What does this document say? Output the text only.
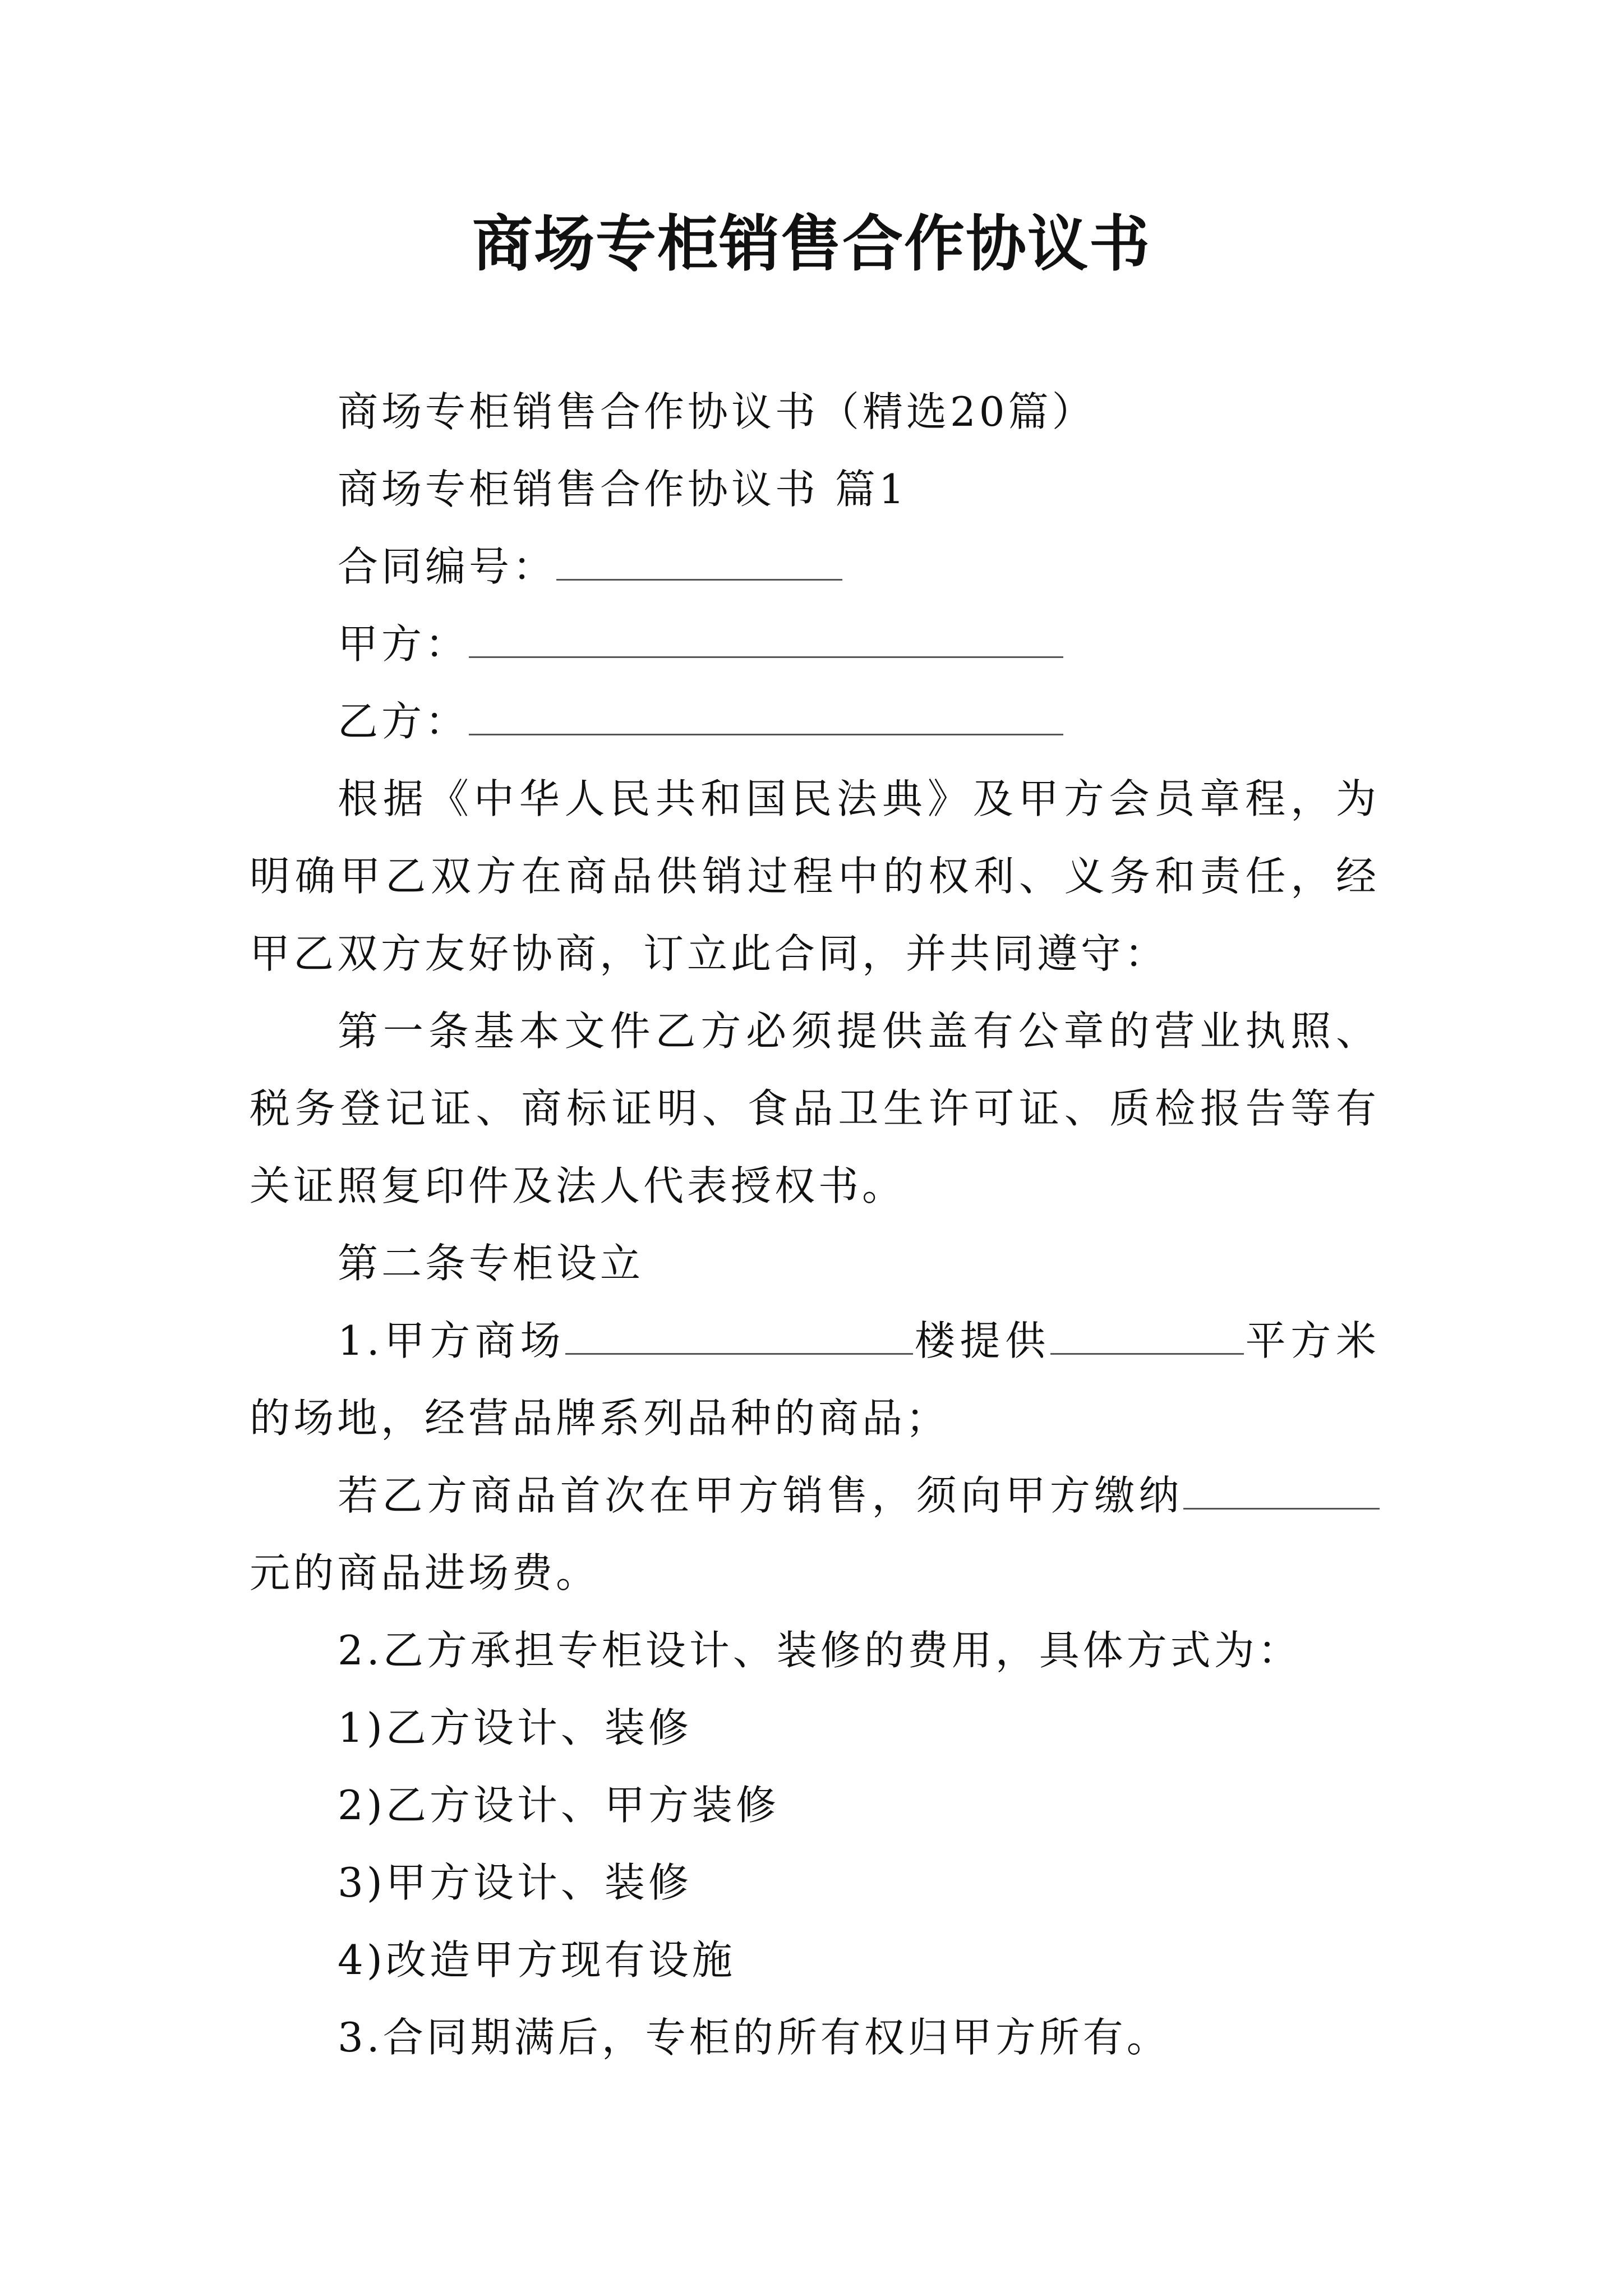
商场专柜销售合作协议书

商场专柜销售合作协议书（精选20篇）

商场专柜销售合作协议书 篇1

合同编号：

甲方：

乙方：

根据《中华人民共和国民法典》及甲方会员章程，为明确甲乙双方在商品供销过程中的权利、义务和责任，经甲乙双方友好协商，订立此合同，并共同遵守：

第一条基本文件乙方必须提供盖有公章的营业执照、税务登记证、商标证明、食品卫生许可证、质检报告等有关证照复印件及法人代表授权书。

第二条专柜设立

1.甲方商场	楼提供	平方米的场地，经营品牌系列品种的商品；

若乙方商品首次在甲方销售，须向甲方缴纳元的商品进场费。

2.乙方承担专柜设计、装修的费用，具体方式为：

1)乙方设计、装修

2)乙方设计、甲方装修

3)甲方设计、装修

4)改造甲方现有设施

3.合同期满后，专柜的所有权归甲方所有。
